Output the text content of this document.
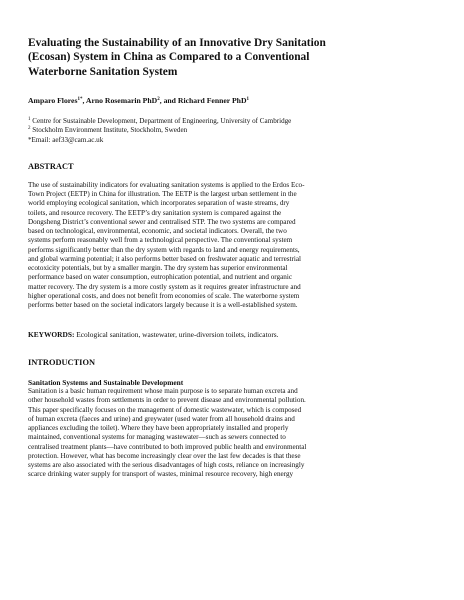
Evaluating the Sustainability of an Innovative Dry Sanitation
(Ecosan) System in China as Compared to a Conventional
Waterborne Sanitation System

Amparo Flores$^{1*}$, Arno Rosemarin PhD$^2$, and Richard Fenner PhD$^1$

$^1$ Centre for Sustainable Development, Department of Engineering, University of Cambridge

$^2$ Stockholm Environment Institute, Stockholm, Sweden

*Email: aef33@cam.ac.uk

ABSTRACT

The use of sustainability indicators for evaluating sanitation systems is applied to the Erdos Eco-
Town Project (EETP) in China for illustration. The EETP is the largest urban settlement in the
world employing ecological sanitation, which incorporates separation of waste streams, dry
toilets, and resource recovery. The EETP’s dry sanitation system is compared against the
Dongsheng District’s conventional sewer and centralised STP. The two systems are compared
based on technological, environmental, economic, and societal indicators. Overall, the two
systems perform reasonably well from a technological perspective. The conventional system
performs significantly better than the dry system with regards to land and energy requirements,
and global warming potential; it also performs better based on freshwater aquatic and terrestrial
ecotoxicity potentials, but by a smaller margin. The dry system has superior environmental
performance based on water consumption, eutrophication potential, and nutrient and organic
matter recovery. The dry system is a more costly system as it requires greater infrastructure and
higher operational costs, and does not benefit from economies of scale. The waterborne system
performs better based on the societal indicators largely because it is a well-established system.

KEYWORDS: Ecological sanitation, wastewater, urine-diversion toilets, indicators.

INTRODUCTION
Sanitation Systems and Sustainable Development

Sanitation is a basic human requirement whose main purpose is to separate human excreta and
other household wastes from settlements in order to prevent disease and environmental pollution.
This paper specifically focuses on the management of domestic wastewater, which is composed
of human excreta (faeces and urine) and greywater (used water from all household drains and
appliances excluding the toilet). Where they have been appropriately installed and properly
maintained, conventional systems for managing wastewater—such as sewers connected to
centralised treatment plants—have contributed to both improved public health and environmental
protection. However, what has become increasingly clear over the last few decades is that these
systems are also associated with the serious disadvantages of high costs, reliance on increasingly
scarce drinking water supply for transport of wastes, minimal resource recovery, high energy
